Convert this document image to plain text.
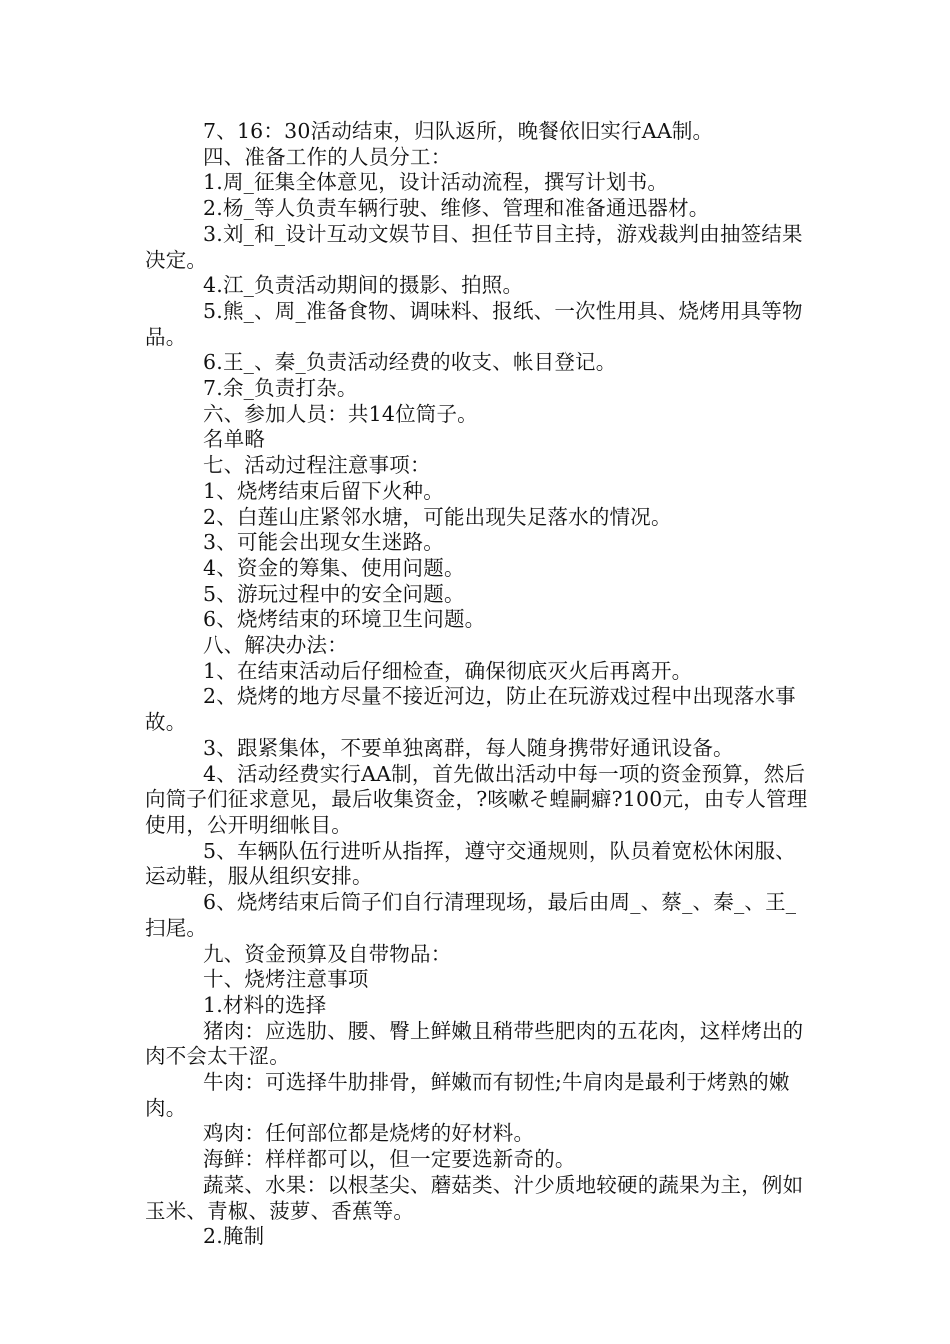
7、16：30活动结束，归队返所，晚餐依旧实行AA制。

四、准备工作的人员分工：

1.周_征集全体意见，设计活动流程，撰写计划书。

2.杨_等人负责车辆行驶、维修、管理和准备通迅器材。

3.刘_和_设计互动文娱节目、担任节目主持，游戏裁判由抽签结果决定。

4.江_负责活动期间的摄影、拍照。

5.熊_、周_准备食物、调味料、报纸、一次性用具、烧烤用具等物品。

6.王_、秦_负责活动经费的收支、帐目登记。

7.余_负责打杂。

六、参加人员：共14位筒子。

名单略

七、活动过程注意事项：

1、烧烤结束后留下火种。

2、白莲山庄紧邻水塘，可能出现失足落水的情况。

3、可能会出现女生迷路。

4、资金的筹集、使用问题。

5、游玩过程中的安全问题。

6、烧烤结束的环境卫生问题。

八、解决办法：

1、在结束活动后仔细检查，确保彻底灭火后再离开。

2、烧烤的地方尽量不接近河边，防止在玩游戏过程中出现落水事故。

3、跟紧集体，不要单独离群，每人随身携带好通讯设备。

4、活动经费实行AA制，首先做出活动中每一项的资金预算，然后向筒子们征求意见，最后收集资金，?咳嗽そ蝗嗣癖?100元，由专人管理使用，公开明细帐目。

5、车辆队伍行进听从指挥，遵守交通规则，队员着宽松休闲服、运动鞋，服从组织安排。

6、烧烤结束后筒子们自行清理现场，最后由周_、蔡_、秦_、王_扫尾。

九、资金预算及自带物品：

十、烧烤注意事项

1.材料的选择

猪肉：应选肋、腰、臀上鲜嫩且稍带些肥肉的五花肉，这样烤出的肉不会太干涩。

牛肉：可选择牛肋排骨，鲜嫩而有韧性;牛肩肉是最利于烤熟的嫩肉。

鸡肉：任何部位都是烧烤的好材料。

海鲜：样样都可以，但一定要选新奇的。

蔬菜、水果：以根茎尖、蘑菇类、汁少质地较硬的蔬果为主，例如玉米、青椒、菠萝、香蕉等。

2.腌制
